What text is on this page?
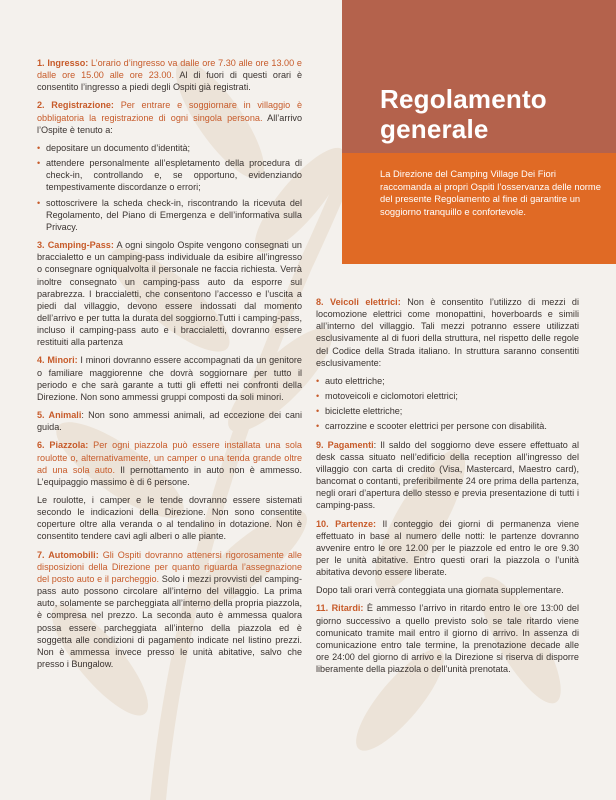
Regolamento
generale

La Direzione del Camping Village Dei Fiori raccomanda ai propri Ospiti l’osservanza delle norme del presente Regolamento al fine di garantire un soggiorno tranquillo e confortevole.

1. Ingresso: L’orario d’ingresso va dalle ore 7.30 alle ore 13.00 e dalle ore 15.00 alle ore 23.00. Al di fuori di questi orari è consentito l’ingresso a piedi degli Ospiti già registrati.

2. Registrazione: Per entrare e soggiornare in villaggio è obbligatoria la registrazione di ogni singola persona. All’arrivo l’Ospite è tenuto a:

• depositare un documento d’identità;
• attendere personalmente all’espletamento della procedura di check-in, controllando e, se opportuno, evidenziando tempestivamente discordanze o errori;
• sottoscrivere la scheda check-in, riscontrando la ricevuta del Regolamento, del Piano di Emergenza e dell’informativa sulla Privacy.

3. Camping-Pass: A ogni singolo Ospite vengono consegnati un braccialetto e un camping-pass individuale da esibire all’ingresso o consegnare ogniqualvolta il personale ne faccia richiesta. Verrà inoltre consegnato un camping-pass auto da esporre sul parabrezza. I braccialetti, che consentono l’accesso e l’uscita a piedi dal villaggio, devono essere indossati dal momento dell’arrivo e per tutta la durata del soggiorno.Tutti i camping-pass, incluso il camping-pass auto e i braccialetti, dovranno essere restituiti alla partenza

4. Minori: I minori dovranno essere accompagnati da un genitore o familiare maggiorenne che dovrà soggiornare per tutto il periodo e che sarà garante a tutti gli effetti nei confronti della Direzione. Non sono ammessi gruppi composti da soli minori.

5. Animali: Non sono ammessi animali, ad eccezione dei cani guida.

6. Piazzola: Per ogni piazzola può essere installata una sola roulotte o, alternativamente, un camper o una tenda grande oltre ad una sola auto. Il pernottamento in auto non è ammesso. L’equipaggio massimo è di 6 persone.

Le roulotte, i camper e le tende dovranno essere sistemati secondo le indicazioni della Direzione. Non sono consentite coperture oltre alla veranda o al tendalino in dotazione. Non è consentito tendere cavi agli alberi o alle piante.

7. Automobili: Gli Ospiti dovranno attenersi rigorosamente alle disposizioni della Direzione per quanto riguarda l’assegnazione del posto auto e il parcheggio. Solo i mezzi provvisti del camping-pass auto possono circolare all’interno del villaggio. La prima auto, solamente se parcheggiata all’interno della propria piazzola, è compresa nel prezzo. La seconda auto è ammessa qualora possa essere parcheggiata all’interno della piazzola ed è soggetta alle condizioni di pagamento indicate nel listino prezzi. Non è ammessa invece presso le unità abitative, salvo che presso i Bungalow.

8. Veicoli elettrici: Non è consentito l’utilizzo di mezzi di locomozione elettrici come monopattini, hoverboards e simili all’interno del villaggio. Tali mezzi potranno essere utilizzati esclusivamente al di fuori della struttura, nel rispetto delle regole del Codice della Strada italiano. In struttura saranno consentiti esclusivamente:

• auto elettriche;
• motoveicoli e ciclomotori elettrici;
• biciclette elettriche;
• carrozzine e scooter elettrici per persone con disabilità.

9. Pagamenti: Il saldo del soggiorno deve essere effettuato al desk cassa situato nell’edificio della reception all’ingresso del villaggio con carta di credito (Visa, Mastercard, Maestro card), bancomat o contanti, preferibilmente 24 ore prima della partenza, negli orari d’apertura dello stesso e previa presentazione di tutti i camping-pass.

10. Partenze: Il conteggio dei giorni di permanenza viene effettuato in base al numero delle notti: le partenze dovranno avvenire entro le ore 12.00 per le piazzole ed entro le ore 9.30 per le unità abitative. Entro questi orari la piazzola o l’unità abitativa devono essere liberate.

Dopo tali orari verrà conteggiata una giornata supplementare.

11. Ritardi: È ammesso l’arrivo in ritardo entro le ore 13:00 del giorno successivo a quello previsto solo se tale ritardo viene comunicato tramite mail entro il giorno di arrivo. In assenza di comunicazione entro tale termine, la prenotazione decade alle ore 24:00 del giorno di arrivo e la Direzione si riserva di disporre liberamente della piazzola o dell’unità prenotata.
